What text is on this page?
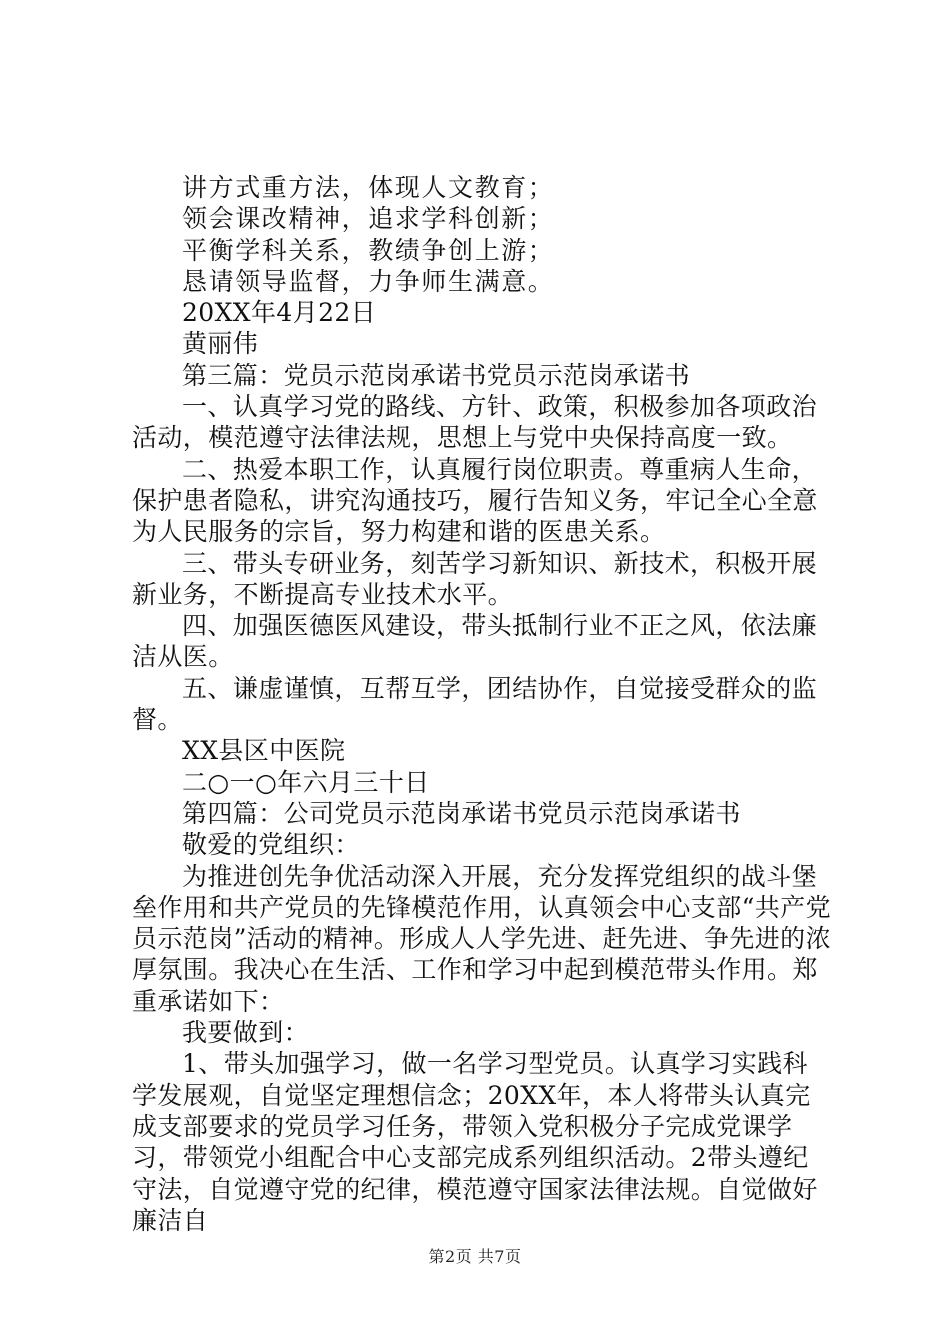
讲方式重方法，体现人文教育；

领会课改精神，追求学科创新；

平衡学科关系，教绩争创上游；

恳请领导监督，力争师生满意。

20XX年4月22日

黄丽伟

第三篇：党员示范岗承诺书党员示范岗承诺书

一、认真学习党的路线、方针、政策，积极参加各项政治活动，模范遵守法律法规，思想上与党中央保持高度一致。

二、热爱本职工作，认真履行岗位职责。尊重病人生命，保护患者隐私，讲究沟通技巧，履行告知义务，牢记全心全意为人民服务的宗旨，努力构建和谐的医患关系。

三、带头专研业务，刻苦学习新知识、新技术，积极开展新业务，不断提高专业技术水平。

四、加强医德医风建设，带头抵制行业不正之风，依法廉洁从医。

五、谦虚谨慎，互帮互学，团结协作，自觉接受群众的监督。

XX县区中医院

二○一○年六月三十日

第四篇：公司党员示范岗承诺书党员示范岗承诺书

敬爱的党组织：

为推进创先争优活动深入开展，充分发挥党组织的战斗堡垒作用和共产党员的先锋模范作用，认真领会中心支部“共产党员示范岗”活动的精神。形成人人学先进、赶先进、争先进的浓厚氛围。我决心在生活、工作和学习中起到模范带头作用。郑重承诺如下：

我要做到：

1、带头加强学习，做一名学习型党员。认真学习实践科学发展观，自觉坚定理想信念；20XX年，本人将带头认真完成支部要求的党员学习任务，带领入党积极分子完成党课学习，带领党小组配合中心支部完成系列组织活动。2带头遵纪守法，自觉遵守党的纪律，模范遵守国家法律法规。自觉做好廉洁自

第2页 共7页
